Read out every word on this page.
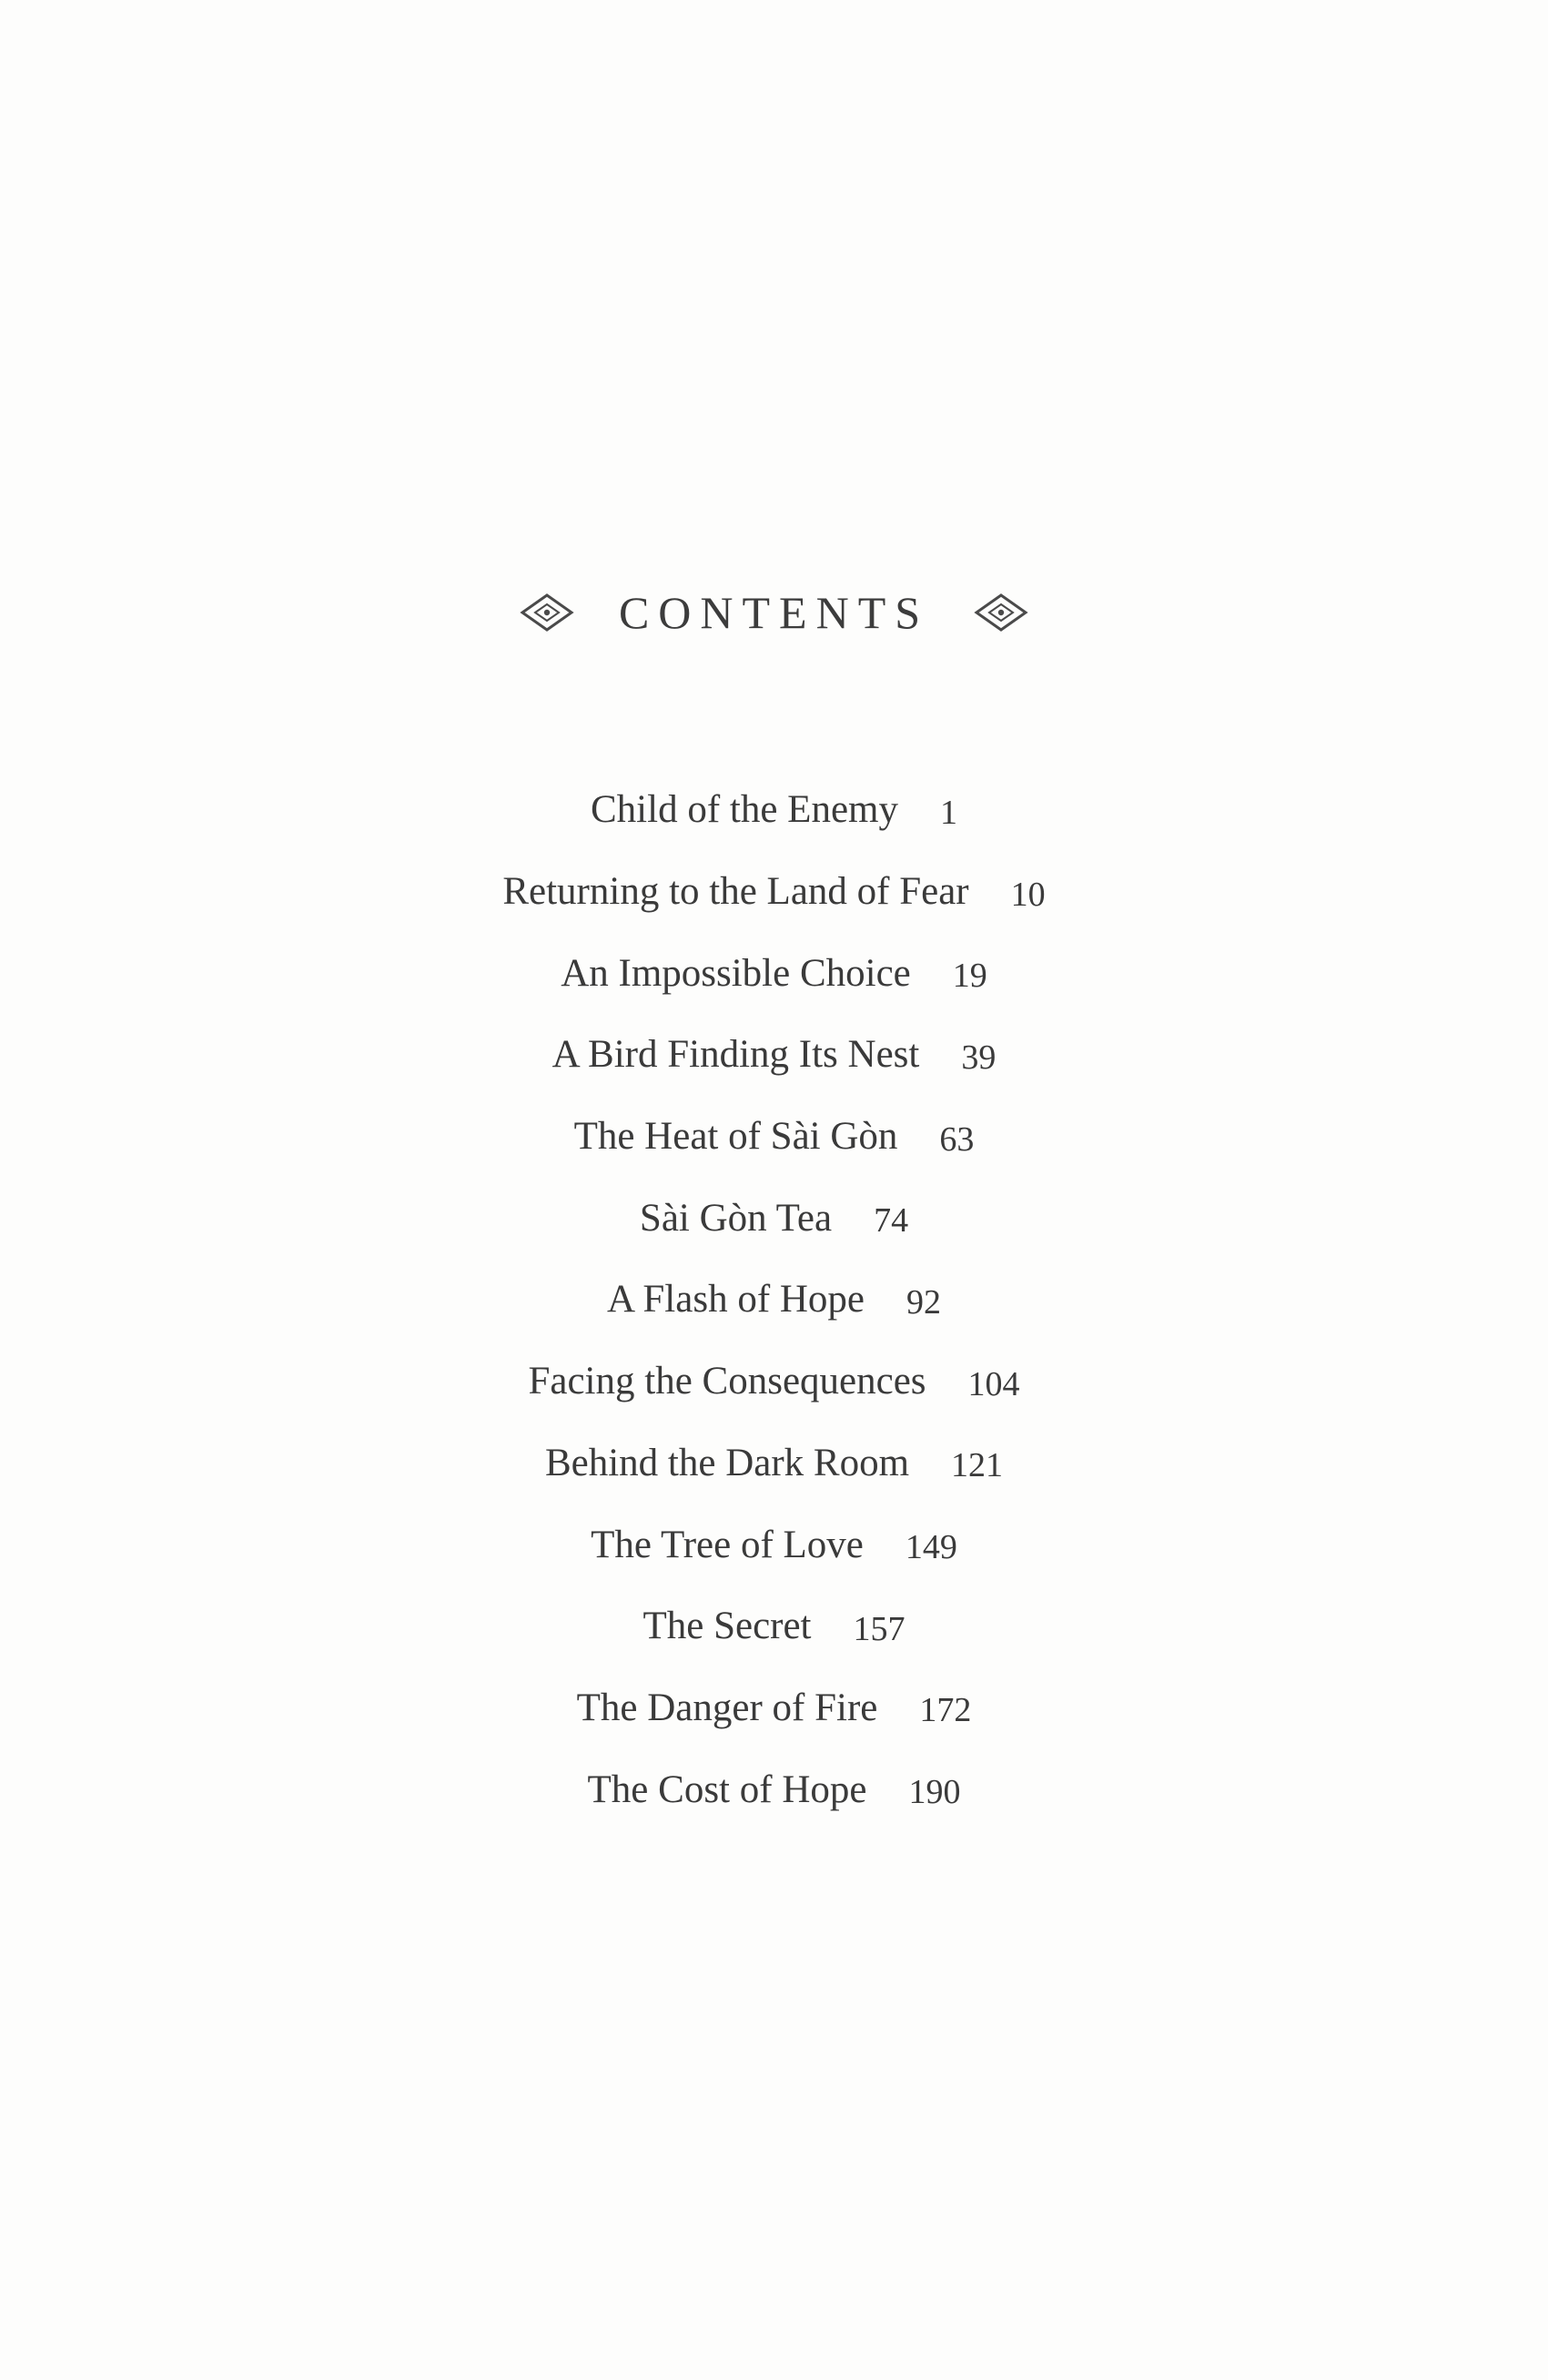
CONTENTS
Child of the Enemy 1
Returning to the Land of Fear 10
An Impossible Choice 19
A Bird Finding Its Nest 39
The Heat of Sài Gòn 63
Sài Gòn Tea 74
A Flash of Hope 92
Facing the Consequences 104
Behind the Dark Room 121
The Tree of Love 149
The Secret 157
The Danger of Fire 172
The Cost of Hope 190
